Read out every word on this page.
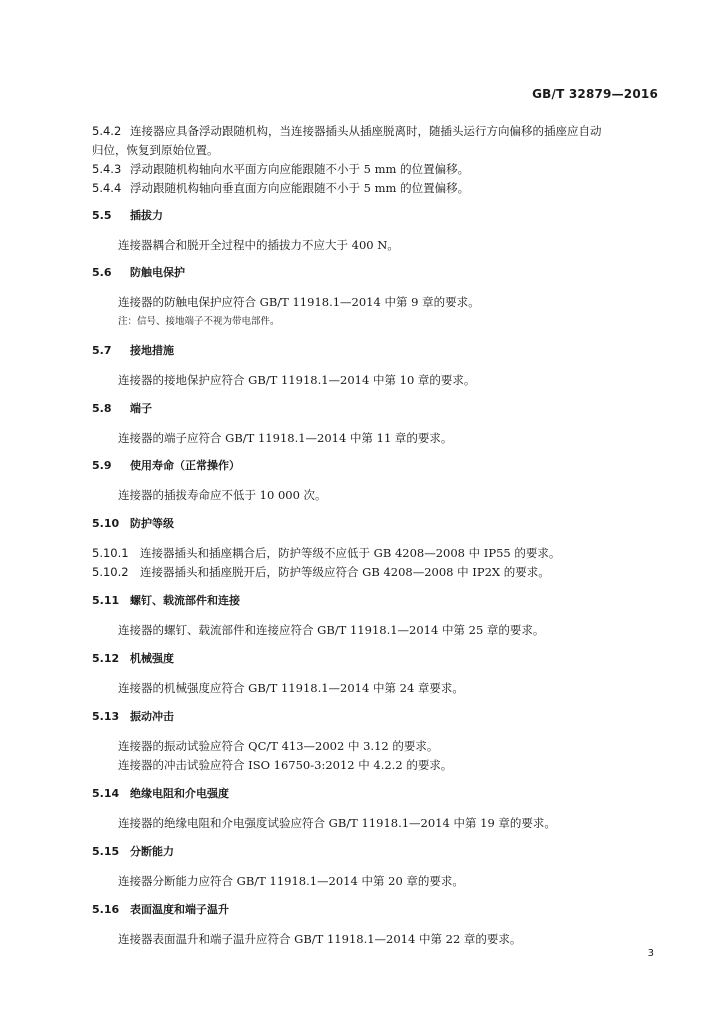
GB/T 32879—2016
5.4.2 连接器应具备浮动跟随机构，当连接器插头从插座脱离时，随插头运行方向偏移的插座应自动
归位，恢复到原始位置。
5.4.3 浮动跟随机构轴向水平面方向应能跟随不小于 5 mm 的位置偏移。
5.4.4 浮动跟随机构轴向垂直面方向应能跟随不小于 5 mm 的位置偏移。
5.5 插拔力
连接器耦合和脱开全过程中的插拔力不应大于 400 N。
5.6 防触电保护
连接器的防触电保护应符合 GB/T 11918.1—2014 中第 9 章的要求。
注：信号、接地端子不视为带电部件。
5.7 接地措施
连接器的接地保护应符合 GB/T 11918.1—2014 中第 10 章的要求。
5.8 端子
连接器的端子应符合 GB/T 11918.1—2014 中第 11 章的要求。
5.9 使用寿命（正常操作）
连接器的插拔寿命应不低于 10 000 次。
5.10 防护等级
5.10.1 连接器插头和插座耦合后，防护等级不应低于 GB 4208—2008 中 IP55 的要求。
5.10.2 连接器插头和插座脱开后，防护等级应符合 GB 4208—2008 中 IP2X 的要求。
5.11 螺钉、载流部件和连接
连接器的螺钉、载流部件和连接应符合 GB/T 11918.1—2014 中第 25 章的要求。
5.12 机械强度
连接器的机械强度应符合 GB/T 11918.1—2014 中第 24 章要求。
5.13 振动冲击
连接器的振动试验应符合 QC/T 413—2002 中 3.12 的要求。
连接器的冲击试验应符合 ISO 16750-3:2012 中 4.2.2 的要求。
5.14 绝缘电阻和介电强度
连接器的绝缘电阻和介电强度试验应符合 GB/T 11918.1—2014 中第 19 章的要求。
5.15 分断能力
连接器分断能力应符合 GB/T 11918.1—2014 中第 20 章的要求。
5.16 表面温度和端子温升
连接器表面温升和端子温升应符合 GB/T 11918.1—2014 中第 22 章的要求。
3
